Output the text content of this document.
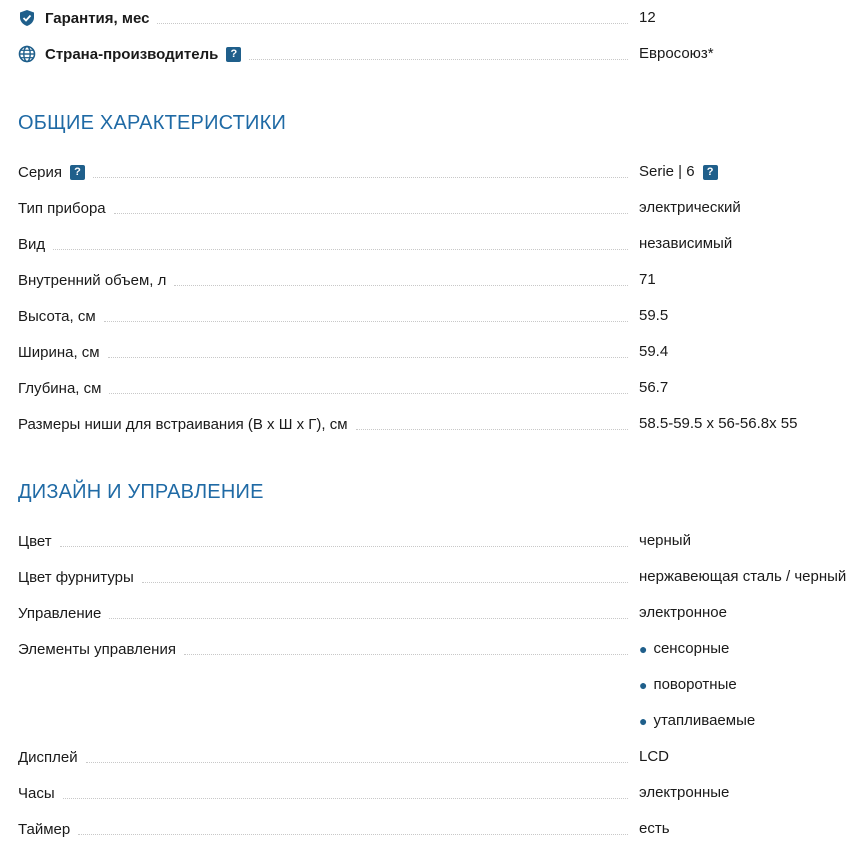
Гарантия, мес	12
Страна-производитель	?	Евросоюз*
ОБЩИЕ ХАРАКТЕРИСТИКИ
Серия	?	Serie | 6	?
Тип прибора	электрический
Вид	независимый
Внутренний объем, л	71
Высота, см	59.5
Ширина, см	59.4
Глубина, см	56.7
Размеры ниши для встраивания (В х Ш х Г), см	58.5-59.5 x 56-56.8x 55
ДИЗАЙН И УПРАВЛЕНИЕ
Цвет	черный
Цвет фурнитуры	нержавеющая сталь / черный
Управление	электронное
Элементы управления	● сенсорные
● поворотные
● утапливаемые
Дисплей	LCD
Часы	электронные
Таймер	есть
